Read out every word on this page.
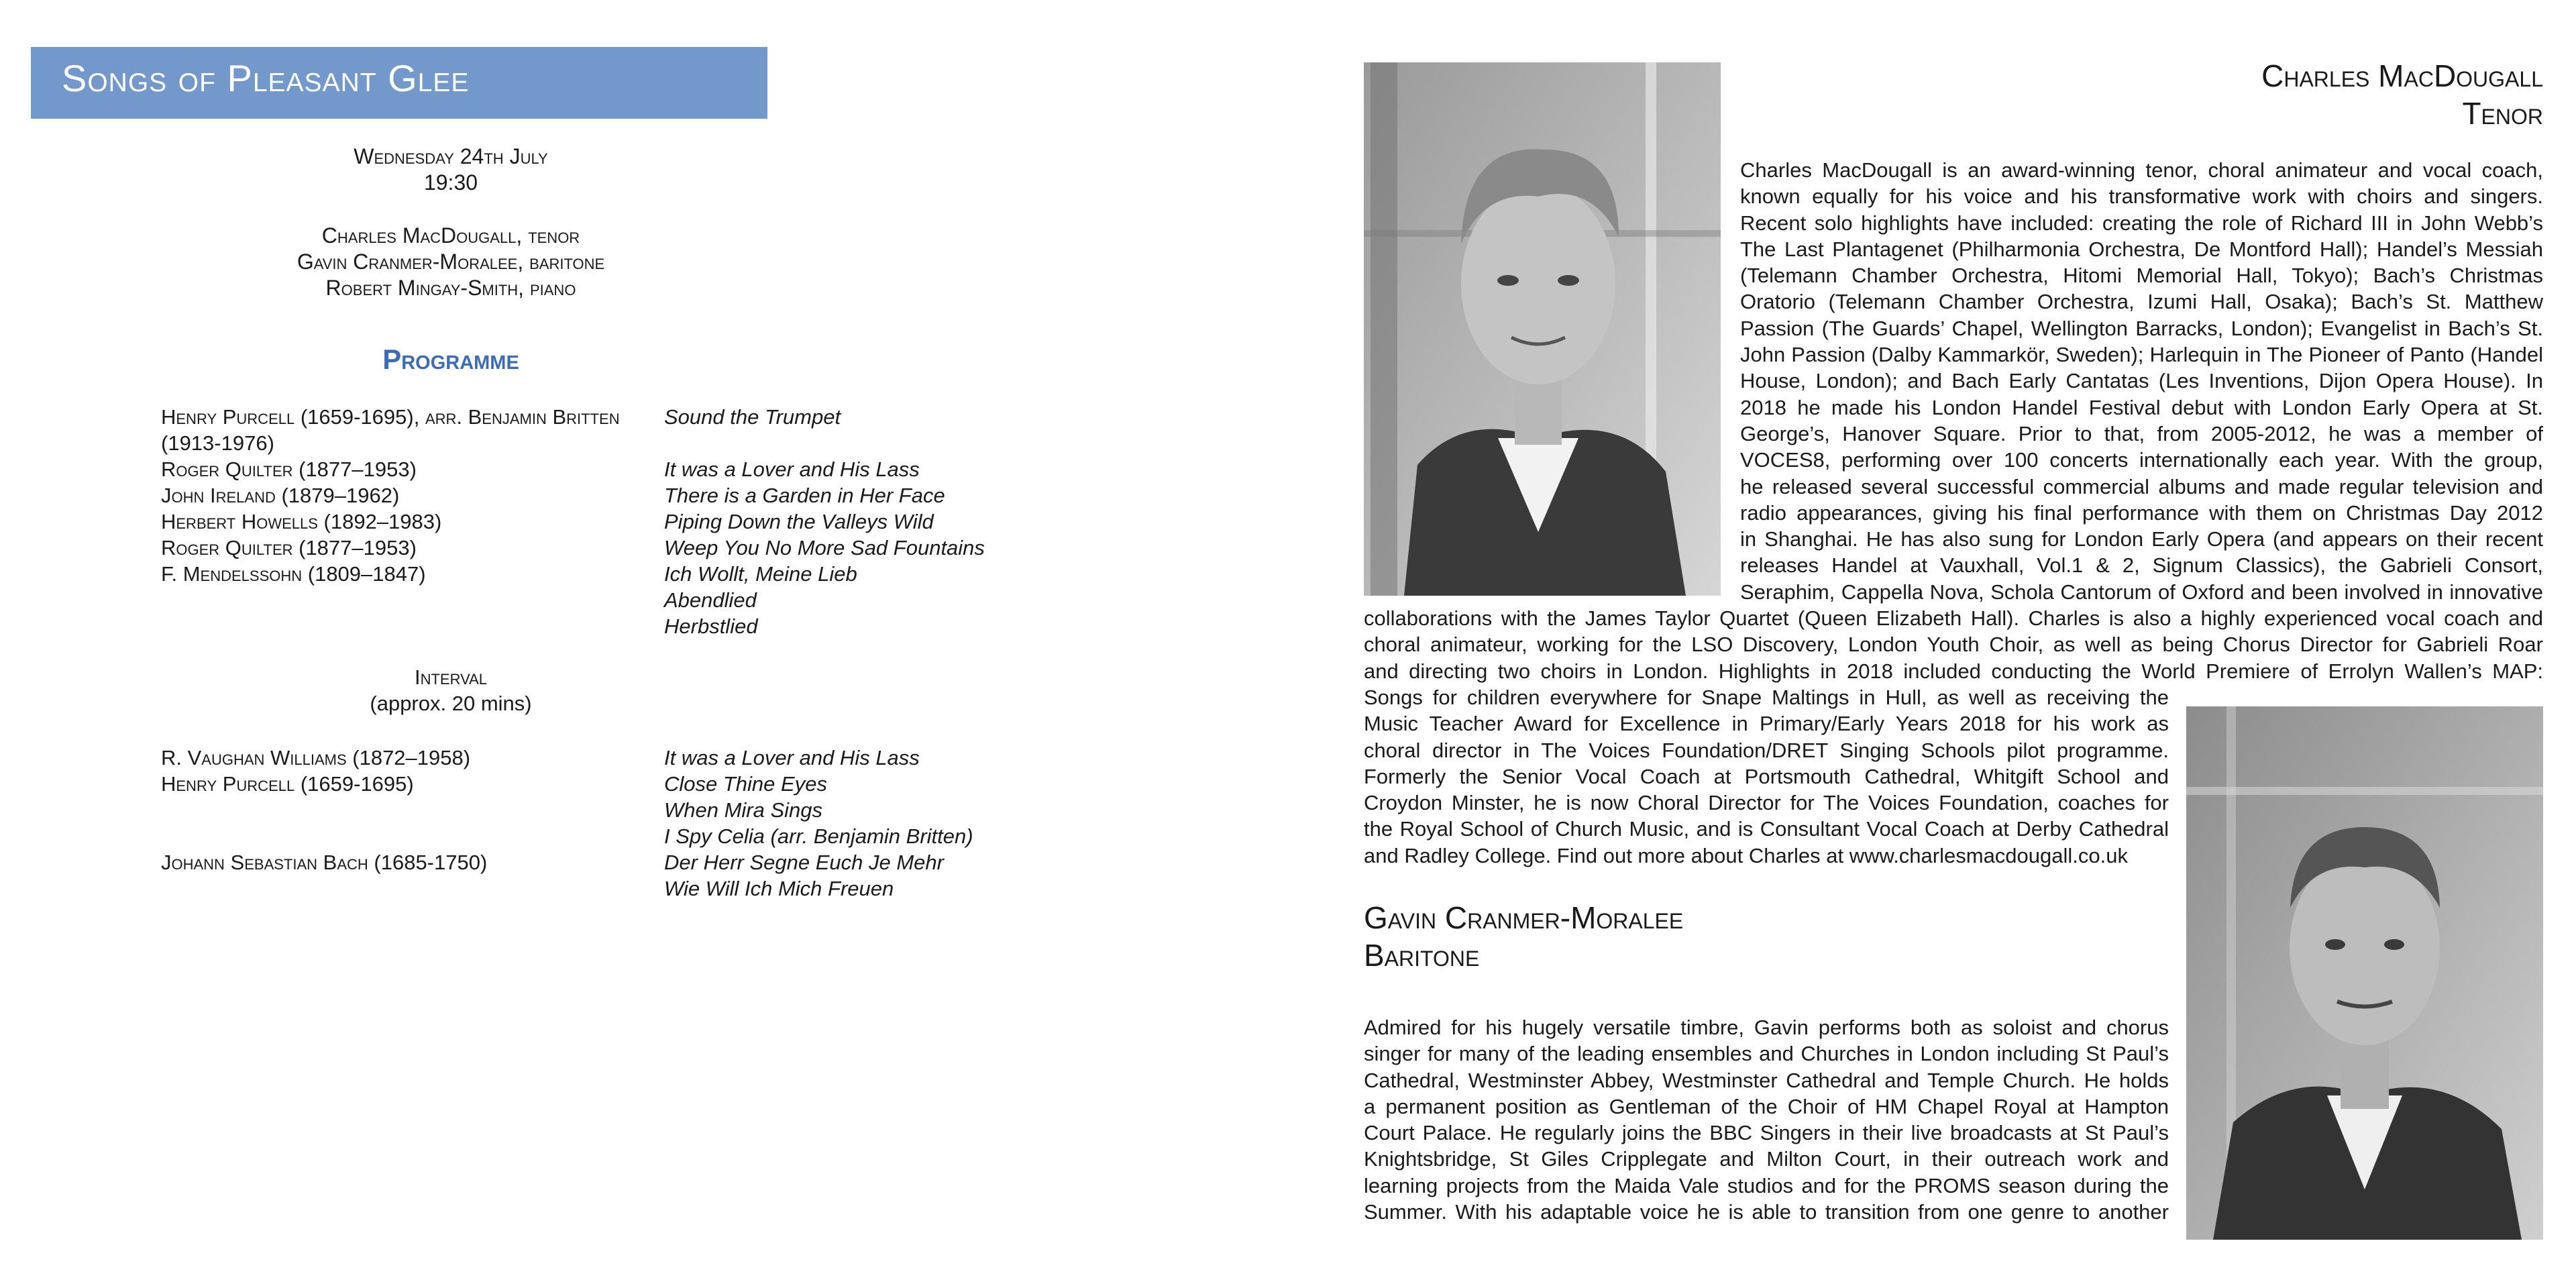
Songs of Pleasant Glee
Wednesday 24th July
19:30
Charles MacDougall, tenor
Gavin Cranmer-Moralee, baritone
Robert Mingay-Smith, piano
Programme
Henry Purcell (1659-1695), arr. Benjamin Britten
(1913-1976)
Roger Quilter (1877–1953)
John Ireland (1879–1962)
Herbert Howells (1892–1983)
Roger Quilter (1877–1953)
F. Mendelssohn (1809–1847)
Sound the Trumpet
It was a Lover and His Lass
There is a Garden in Her Face
Piping Down the Valleys Wild
Weep You No More Sad Fountains
Ich Wollt, Meine Lieb
Abendlied
Herbstlied
Interval
(approx. 20 mins)
R. Vaughan Williams (1872–1958)
Henry Purcell (1659-1695)
Johann Sebastian Bach (1685-1750)
It was a Lover and His Lass
Close Thine Eyes
When Mira Sings
I Spy Celia (arr. Benjamin Britten)
Der Herr Segne Euch Je Mehr
Wie Will Ich Mich Freuen
Charles MacDougall
Tenor
Charles MacDougall is an award-winning tenor, choral animateur and vocal coach,
known equally for his voice and his transformative work with choirs and singers.
Recent solo highlights have included: creating the role of Richard III in John Webb’s
The Last Plantagenet (Philharmonia Orchestra, De Montford Hall); Handel’s Messiah
(Telemann Chamber Orchestra, Hitomi Memorial Hall, Tokyo); Bach’s Christmas
Oratorio (Telemann Chamber Orchestra, Izumi Hall, Osaka); Bach’s St. Matthew
Passion (The Guards’ Chapel, Wellington Barracks, London); Evangelist in Bach’s St.
John Passion (Dalby Kammarkör, Sweden); Harlequin in The Pioneer of Panto (Handel
House, London); and Bach Early Cantatas (Les Inventions, Dijon Opera House). In
2018 he made his London Handel Festival debut with London Early Opera at St.
George’s, Hanover Square. Prior to that, from 2005-2012, he was a member of
VOCES8, performing over 100 concerts internationally each year. With the group,
he released several successful commercial albums and made regular television and
radio appearances, giving his final performance with them on Christmas Day 2012
in Shanghai. He has also sung for London Early Opera (and appears on their recent
releases Handel at Vauxhall, Vol.1 & 2, Signum Classics), the Gabrieli Consort,
Seraphim, Cappella Nova, Schola Cantorum of Oxford and been involved in innovative
collaborations with the James Taylor Quartet (Queen Elizabeth Hall). Charles is also a highly experienced vocal coach and
choral animateur, working for the LSO Discovery, London Youth Choir, as well as being Chorus Director for Gabrieli Roar
and directing two choirs in London. Highlights in 2018 included conducting the World Premiere of Errolyn Wallen’s MAP:
Songs for children everywhere for Snape Maltings in Hull, as well as receiving the
Music Teacher Award for Excellence in Primary/Early Years 2018 for his work as
choral director in The Voices Foundation/DRET Singing Schools pilot programme.
Formerly the Senior Vocal Coach at Portsmouth Cathedral, Whitgift School and
Croydon Minster, he is now Choral Director for The Voices Foundation, coaches for
the Royal School of Church Music, and is Consultant Vocal Coach at Derby Cathedral
and Radley College. Find out more about Charles at www.charlesmacdougall.co.uk
Gavin Cranmer-Moralee
Baritone
Admired for his hugely versatile timbre, Gavin performs both as soloist and chorus
singer for many of the leading ensembles and Churches in London including St Paul’s
Cathedral, Westminster Abbey, Westminster Cathedral and Temple Church. He holds
a permanent position as Gentleman of the Choir of HM Chapel Royal at Hampton
Court Palace. He regularly joins the BBC Singers in their live broadcasts at St Paul’s
Knightsbridge, St Giles Cripplegate and Milton Court, in their outreach work and
learning projects from the Maida Vale studios and for the PROMS season during the
Summer. With his adaptable voice he is able to transition from one genre to another
